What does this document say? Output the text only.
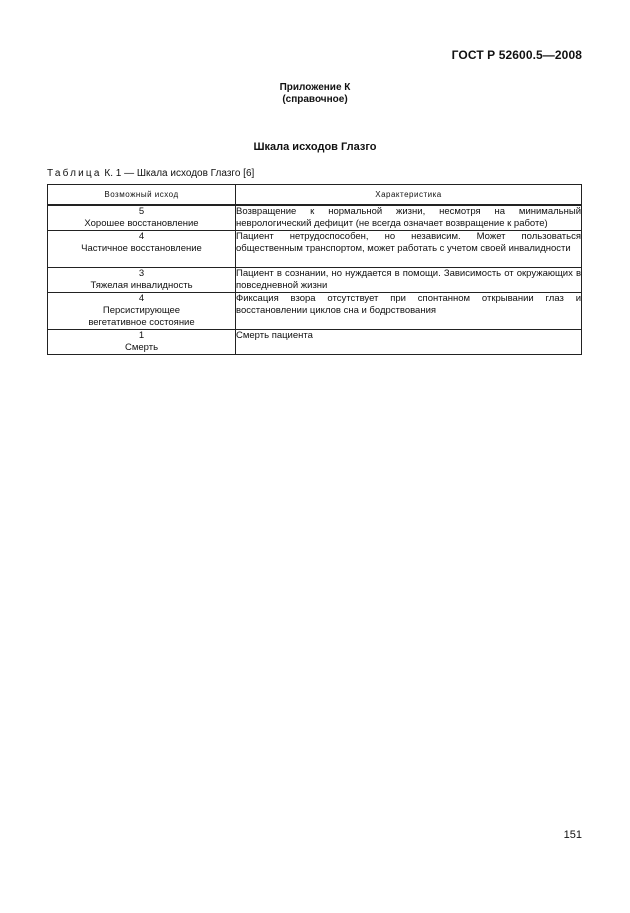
ГОСТ Р 52600.5—2008
Приложение К
(справочное)
Шкала исходов Глазго
Таблица К. 1 — Шкала исходов Глазго [6]
Возможный исход	Характеристика

5
Хорошее восстановление	Возвращение к нормальной жизни, несмотря на минимальный неврологический дефицит (не всегда означает возвращение к работе)

4
Частичное восстановление	Пациент нетрудоспособен, но независим. Может пользоваться общественным транспортом, может работать с учетом своей инвалидности

3
Тяжелая инвалидность	Пациент в сознании, но нуждается в помощи. Зависимость от окружающих в повседневной жизни

4
Персистирующее вегетативное состояние	Фиксация взора отсутствует при спонтанном открывании глаз и восстановлении циклов сна и бодрствования

1
Смерть	Смерть пациента
151
